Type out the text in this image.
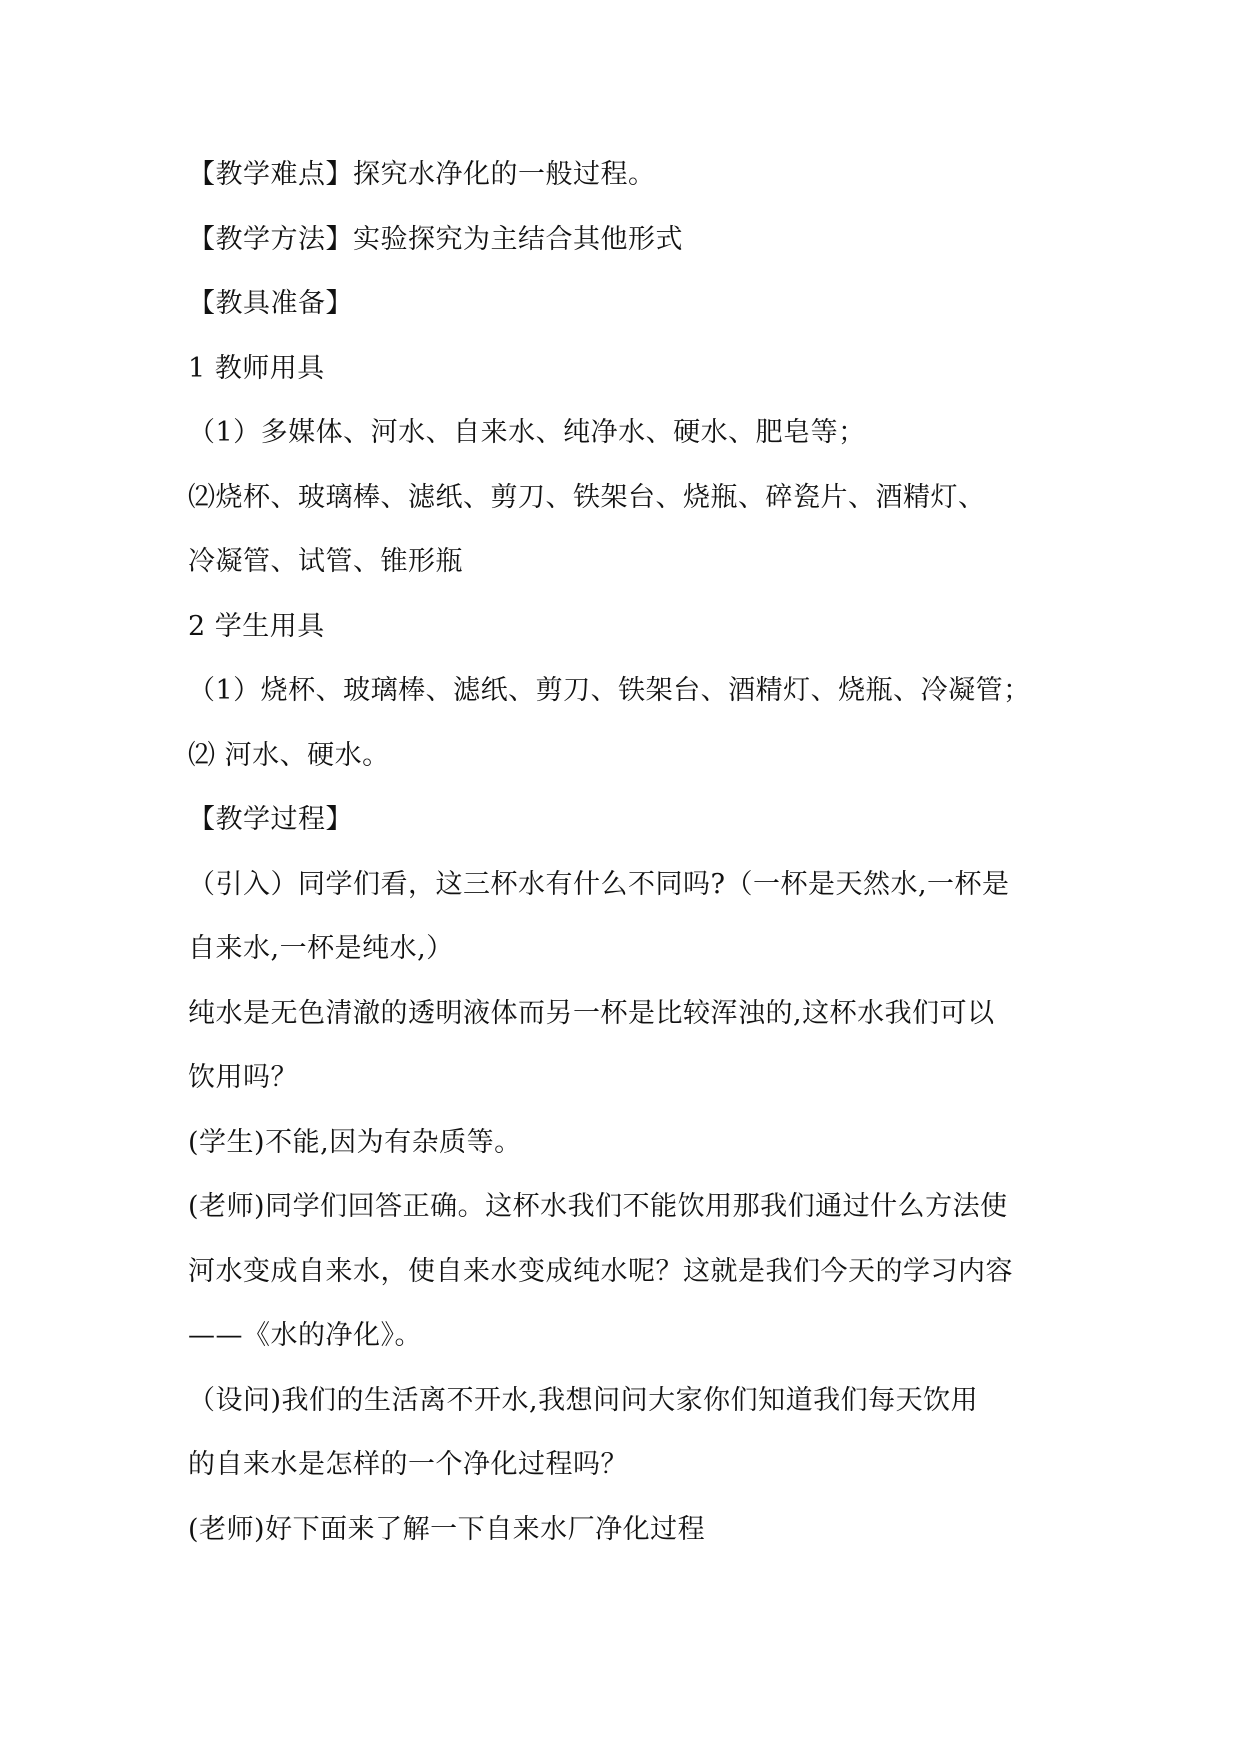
【教学难点】探究水净化的一般过程。
【教学方法】实验探究为主结合其他形式
【教具准备】
1 教师用具
（1）多媒体、河水、自来水、纯净水、硬水、肥皂等；
⑵烧杯、玻璃棒、滤纸、剪刀、铁架台、烧瓶、碎瓷片、酒精灯、
冷凝管、试管、锥形瓶
2 学生用具
（1）烧杯、玻璃棒、滤纸、剪刀、铁架台、酒精灯、烧瓶、冷凝管；
⑵ 河水、硬水。
【教学过程】
（引入）同学们看，这三杯水有什么不同吗?（一杯是天然水,一杯是
自来水,一杯是纯水,）
纯水是无色清澈的透明液体而另一杯是比较浑浊的,这杯水我们可以
饮用吗？
(学生)不能,因为有杂质等。
(老师)同学们回答正确。这杯水我们不能饮用那我们通过什么方法使
河水变成自来水，使自来水变成纯水呢？这就是我们今天的学习内容
——《水的净化》。
（设问)我们的生活离不开水,我想问问大家你们知道我们每天饮用
的自来水是怎样的一个净化过程吗？
(老师)好下面来了解一下自来水厂净化过程
